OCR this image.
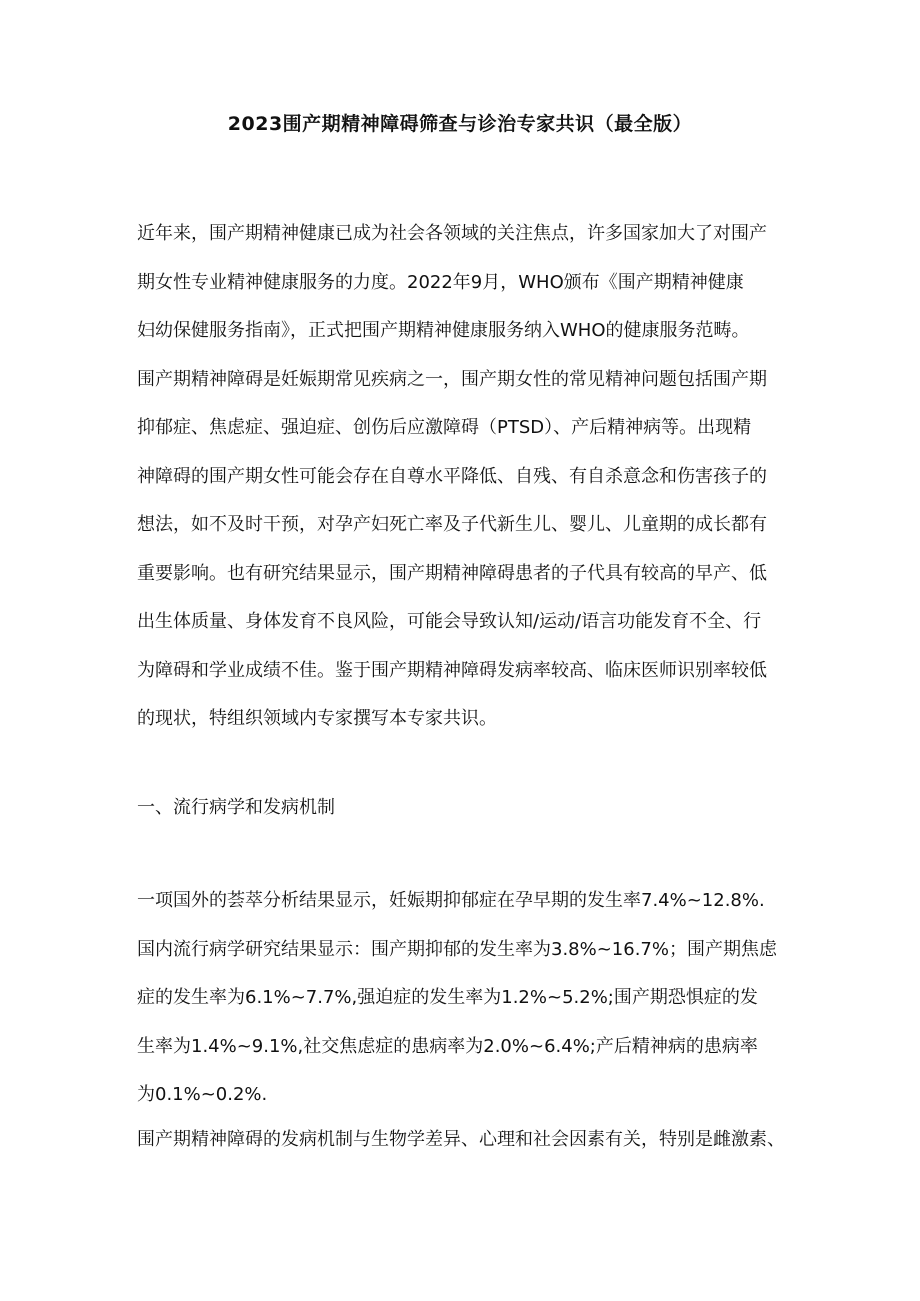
2023围产期精神障碍筛查与诊治专家共识（最全版）
近年来，围产期精神健康已成为社会各领域的关注焦点，许多国家加大了对围产
期女性专业精神健康服务的力度。2022年9月，WHO颁布《围产期精神健康
妇幼保健服务指南》，正式把围产期精神健康服务纳入WHO的健康服务范畴。
围产期精神障碍是妊娠期常见疾病之一，围产期女性的常见精神问题包括围产期
抑郁症、焦虑症、强迫症、创伤后应激障碍（PTSD）、产后精神病等。出现精
神障碍的围产期女性可能会存在自尊水平降低、自残、有自杀意念和伤害孩子的
想法，如不及时干预，对孕产妇死亡率及子代新生儿、婴儿、儿童期的成长都有
重要影响。也有研究结果显示，围产期精神障碍患者的子代具有较高的早产、低
出生体质量、身体发育不良风险，可能会导致认知/运动/语言功能发育不全、行
为障碍和学业成绩不佳。鉴于围产期精神障碍发病率较高、临床医师识别率较低
的现状，特组织领域内专家撰写本专家共识。
一、流行病学和发病机制
一项国外的荟萃分析结果显示，妊娠期抑郁症在孕早期的发生率7.4%~12.8%.
国内流行病学研究结果显示：围产期抑郁的发生率为3.8%~16.7%；围产期焦虑
症的发生率为6.1%~7.7%,强迫症的发生率为1.2%~5.2%;围产期恐惧症的发
生率为1.4%~9.1%,社交焦虑症的患病率为2.0%~6.4%;产后精神病的患病率
为0.1%~0.2%.
围产期精神障碍的发病机制与生物学差异、心理和社会因素有关，特别是雌激素、
